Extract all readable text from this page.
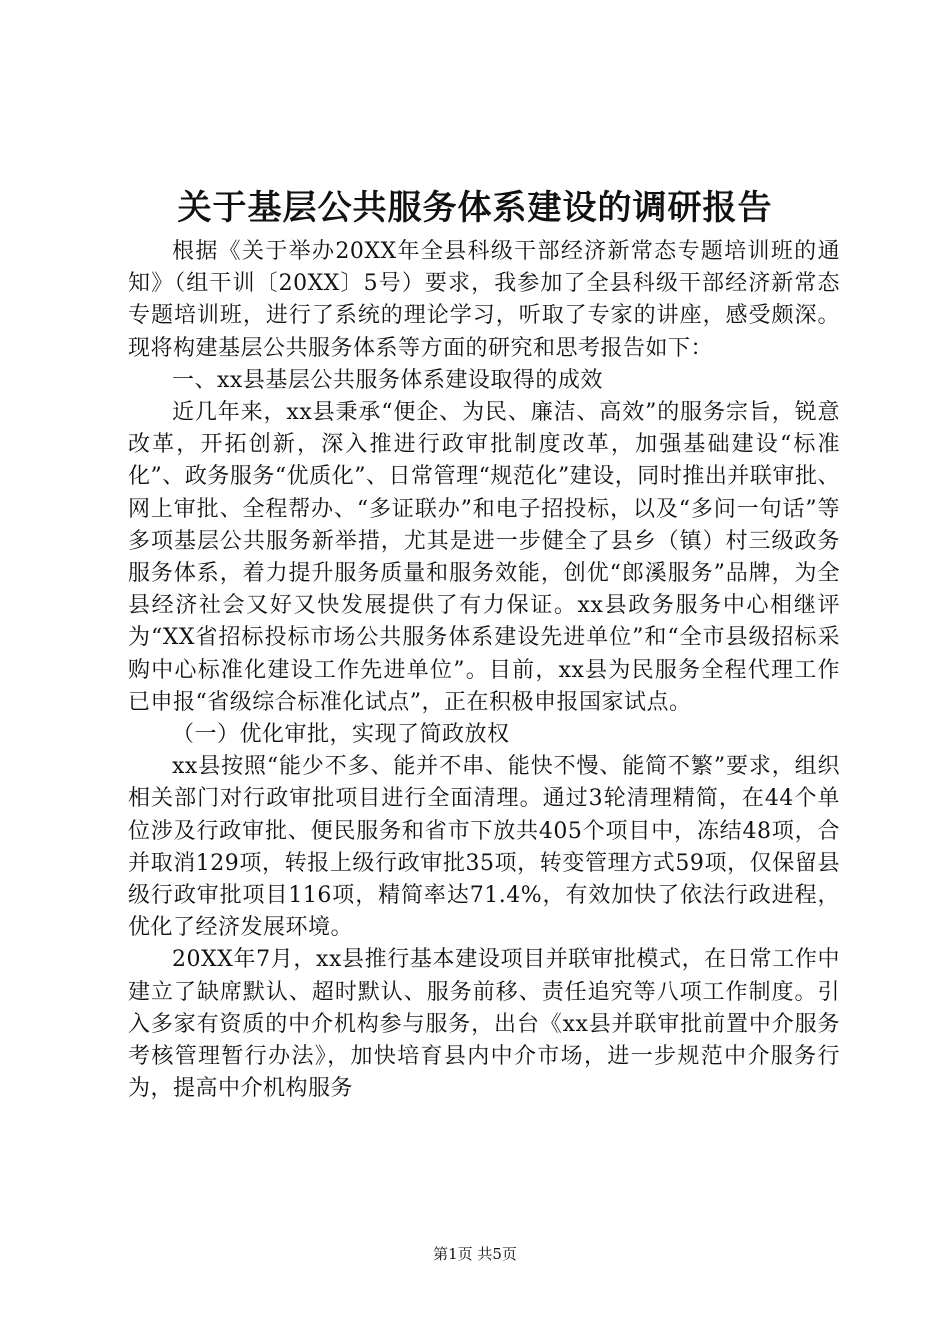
关于基层公共服务体系建设的调研报告

根据《关于举办20XX年全县科级干部经济新常态专题培训班的通知》（组干训〔20XX〕5号）要求，我参加了全县科级干部经济新常态专题培训班，进行了系统的理论学习，听取了专家的讲座，感受颇深。现将构建基层公共服务体系等方面的研究和思考报告如下：

一、xx县基层公共服务体系建设取得的成效

近几年来，xx县秉承“便企、为民、廉洁、高效”的服务宗旨，锐意改革，开拓创新，深入推进行政审批制度改革，加强基础建设“标准化”、政务服务“优质化”、日常管理“规范化”建设，同时推出并联审批、网上审批、全程帮办、“多证联办”和电子招投标，以及“多问一句话”等多项基层公共服务新举措，尤其是进一步健全了县乡（镇）村三级政务服务体系，着力提升服务质量和服务效能，创优“郎溪服务”品牌，为全县经济社会又好又快发展提供了有力保证。xx县政务服务中心相继评为“XX省招标投标市场公共服务体系建设先进单位”和“全市县级招标采购中心标准化建设工作先进单位”。目前，xx县为民服务全程代理工作已申报“省级综合标准化试点”，正在积极申报国家试点。

（一）优化审批，实现了简政放权

xx县按照“能少不多、能并不串、能快不慢、能简不繁”要求，组织相关部门对行政审批项目进行全面清理。通过3轮清理精简，在44个单位涉及行政审批、便民服务和省市下放共405个项目中，冻结48项，合并取消129项，转报上级行政审批35项，转变管理方式59项，仅保留县级行政审批项目116项，精简率达71.4%，有效加快了依法行政进程，优化了经济发展环境。

20XX年7月，xx县推行基本建设项目并联审批模式，在日常工作中建立了缺席默认、超时默认、服务前移、责任追究等八项工作制度。引入多家有资质的中介机构参与服务，出台《xx县并联审批前置中介服务考核管理暂行办法》，加快培育县内中介市场，进一步规范中介服务行为，提高中介机构服务

第1页 共5页
